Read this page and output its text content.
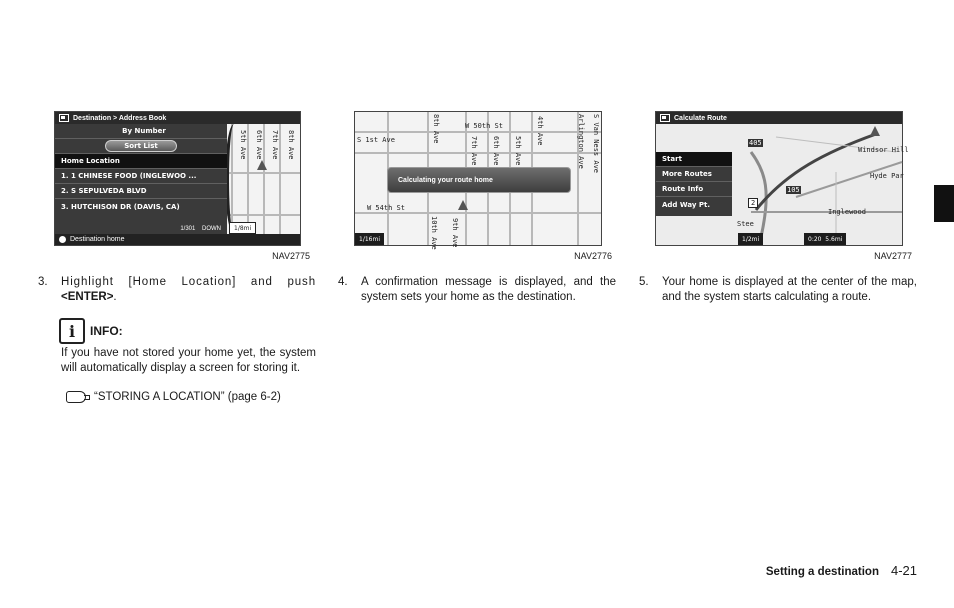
5th Ave 6th Ave 7th Ave 8th Ave
Destination > Address Book
By Number
Sort List
Home Location
1. 1 CHINESE FOOD (INGLEWOO ...
2. S SEPULVEDA BLVD
3. HUTCHISON DR (DAVIS, CA)
1/301    DOWN
Destination home
1/8mi
W 50th St	S Van Ness Ave
Arlington Ave
4th Ave
5th Ave
6th Ave
7th Ave
8th Ave
S 1st Ave
W 54th St
10th Ave 9th Ave
Calculating your route home
1/16mi
Windsor Hill
Hyde Par
Inglewood
405
105
2
Stee
Calculate Route
Start
More Routes
Route Info
Add Way Pt.
1/2mi	0:20  5.6mi
NAV2775	NAV2776	NAV2777
3.	Highlight [Home Location] and push <ENTER>.
i	INFO:
If you have not stored your home yet, the system will automatically display a screen for storing it.
“STORING A LOCATION” (page 6-2)
4.	A confirmation message is displayed, and the system sets your home as the destination.
5.	Your home is displayed at the center of the map, and the system starts calculating a route.
Setting a destination 4-21
